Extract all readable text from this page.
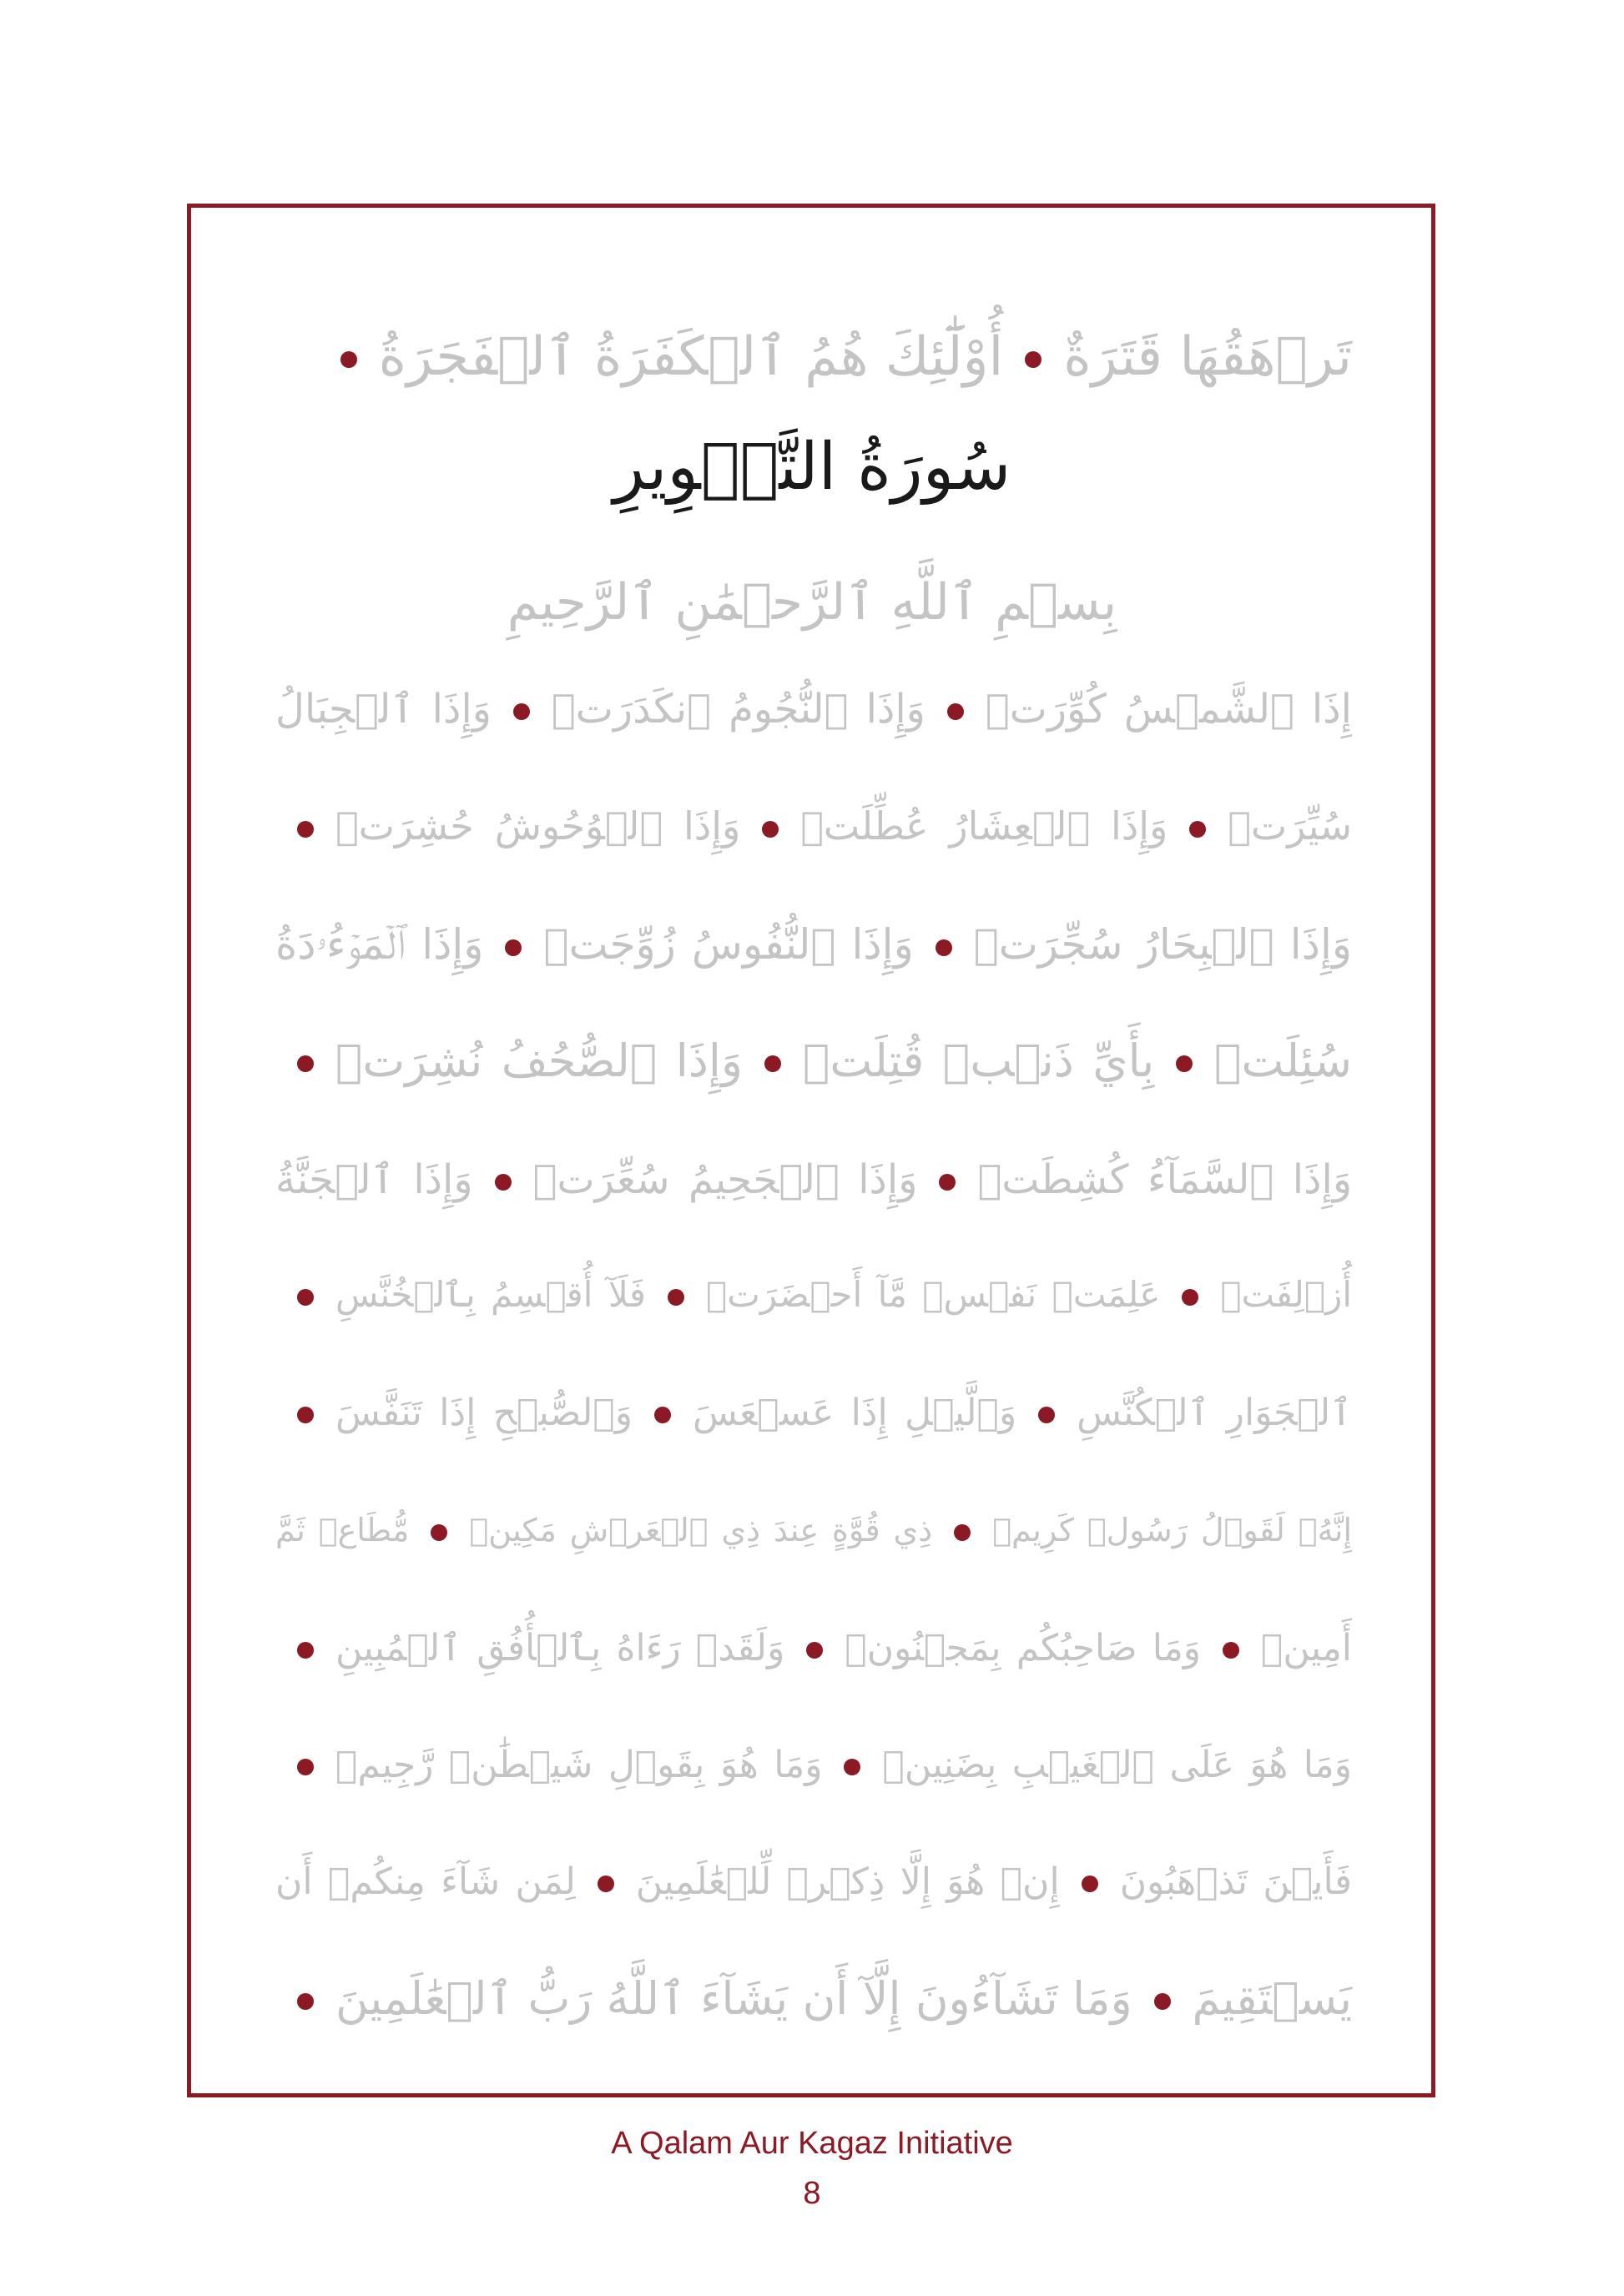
تَرۡهَقُهَا قَتَرَةٌأُوْلَٰٓئِكَ هُمُ ٱلۡكَفَرَةُ ٱلۡفَجَرَةُ
سُورَةُ التَّكۡوِيرِ
بِسۡمِ ٱللَّهِ ٱلرَّحۡمَٰنِ ٱلرَّحِيمِ
إِذَا ٱلشَّمۡسُ كُوِّرَتۡوَإِذَا ٱلنُّجُومُ ٱنكَدَرَتۡوَإِذَا ٱلۡجِبَالُ
سُيِّرَتۡوَإِذَا ٱلۡعِشَارُ عُطِّلَتۡوَإِذَا ٱلۡوُحُوشُ حُشِرَتۡ
وَإِذَا ٱلۡبِحَارُ سُجِّرَتۡوَإِذَا ٱلنُّفُوسُ زُوِّجَتۡوَإِذَا ٱلۡمَوۡءُۥدَةُ
سُئِلَتۡبِأَيِّ ذَنۢبٖ قُتِلَتۡوَإِذَا ٱلصُّحُفُ نُشِرَتۡ
وَإِذَا ٱلسَّمَآءُ كُشِطَتۡوَإِذَا ٱلۡجَحِيمُ سُعِّرَتۡوَإِذَا ٱلۡجَنَّةُ
أُزۡلِفَتۡعَلِمَتۡ نَفۡسٞ مَّآ أَحۡضَرَتۡفَلَآ أُقۡسِمُ بِٱلۡخُنَّسِ
ٱلۡجَوَارِ ٱلۡكُنَّسِوَٱلَّيۡلِ إِذَا عَسۡعَسَوَٱلصُّبۡحِ إِذَا تَنَفَّسَ
إِنَّهُۥ لَقَوۡلُ رَسُولٖ كَرِيمٖذِي قُوَّةٍ عِندَ ذِي ٱلۡعَرۡشِ مَكِينٖمُّطَاعٖ ثَمَّ
أَمِينٖوَمَا صَاحِبُكُم بِمَجۡنُونٖوَلَقَدۡ رَءَاهُ بِٱلۡأُفُقِ ٱلۡمُبِينِ
وَمَا هُوَ عَلَى ٱلۡغَيۡبِ بِضَنِينٖوَمَا هُوَ بِقَوۡلِ شَيۡطَٰنٖ رَّجِيمٖ
فَأَيۡنَ تَذۡهَبُونَإِنۡ هُوَ إِلَّا ذِكۡرٞ لِّلۡعَٰلَمِينَلِمَن شَآءَ مِنكُمۡ أَن
يَسۡتَقِيمَوَمَا تَشَآءُونَ إِلَّآ أَن يَشَآءَ ٱللَّهُ رَبُّ ٱلۡعَٰلَمِينَ
A Qalam Aur Kagaz Initiative
8
